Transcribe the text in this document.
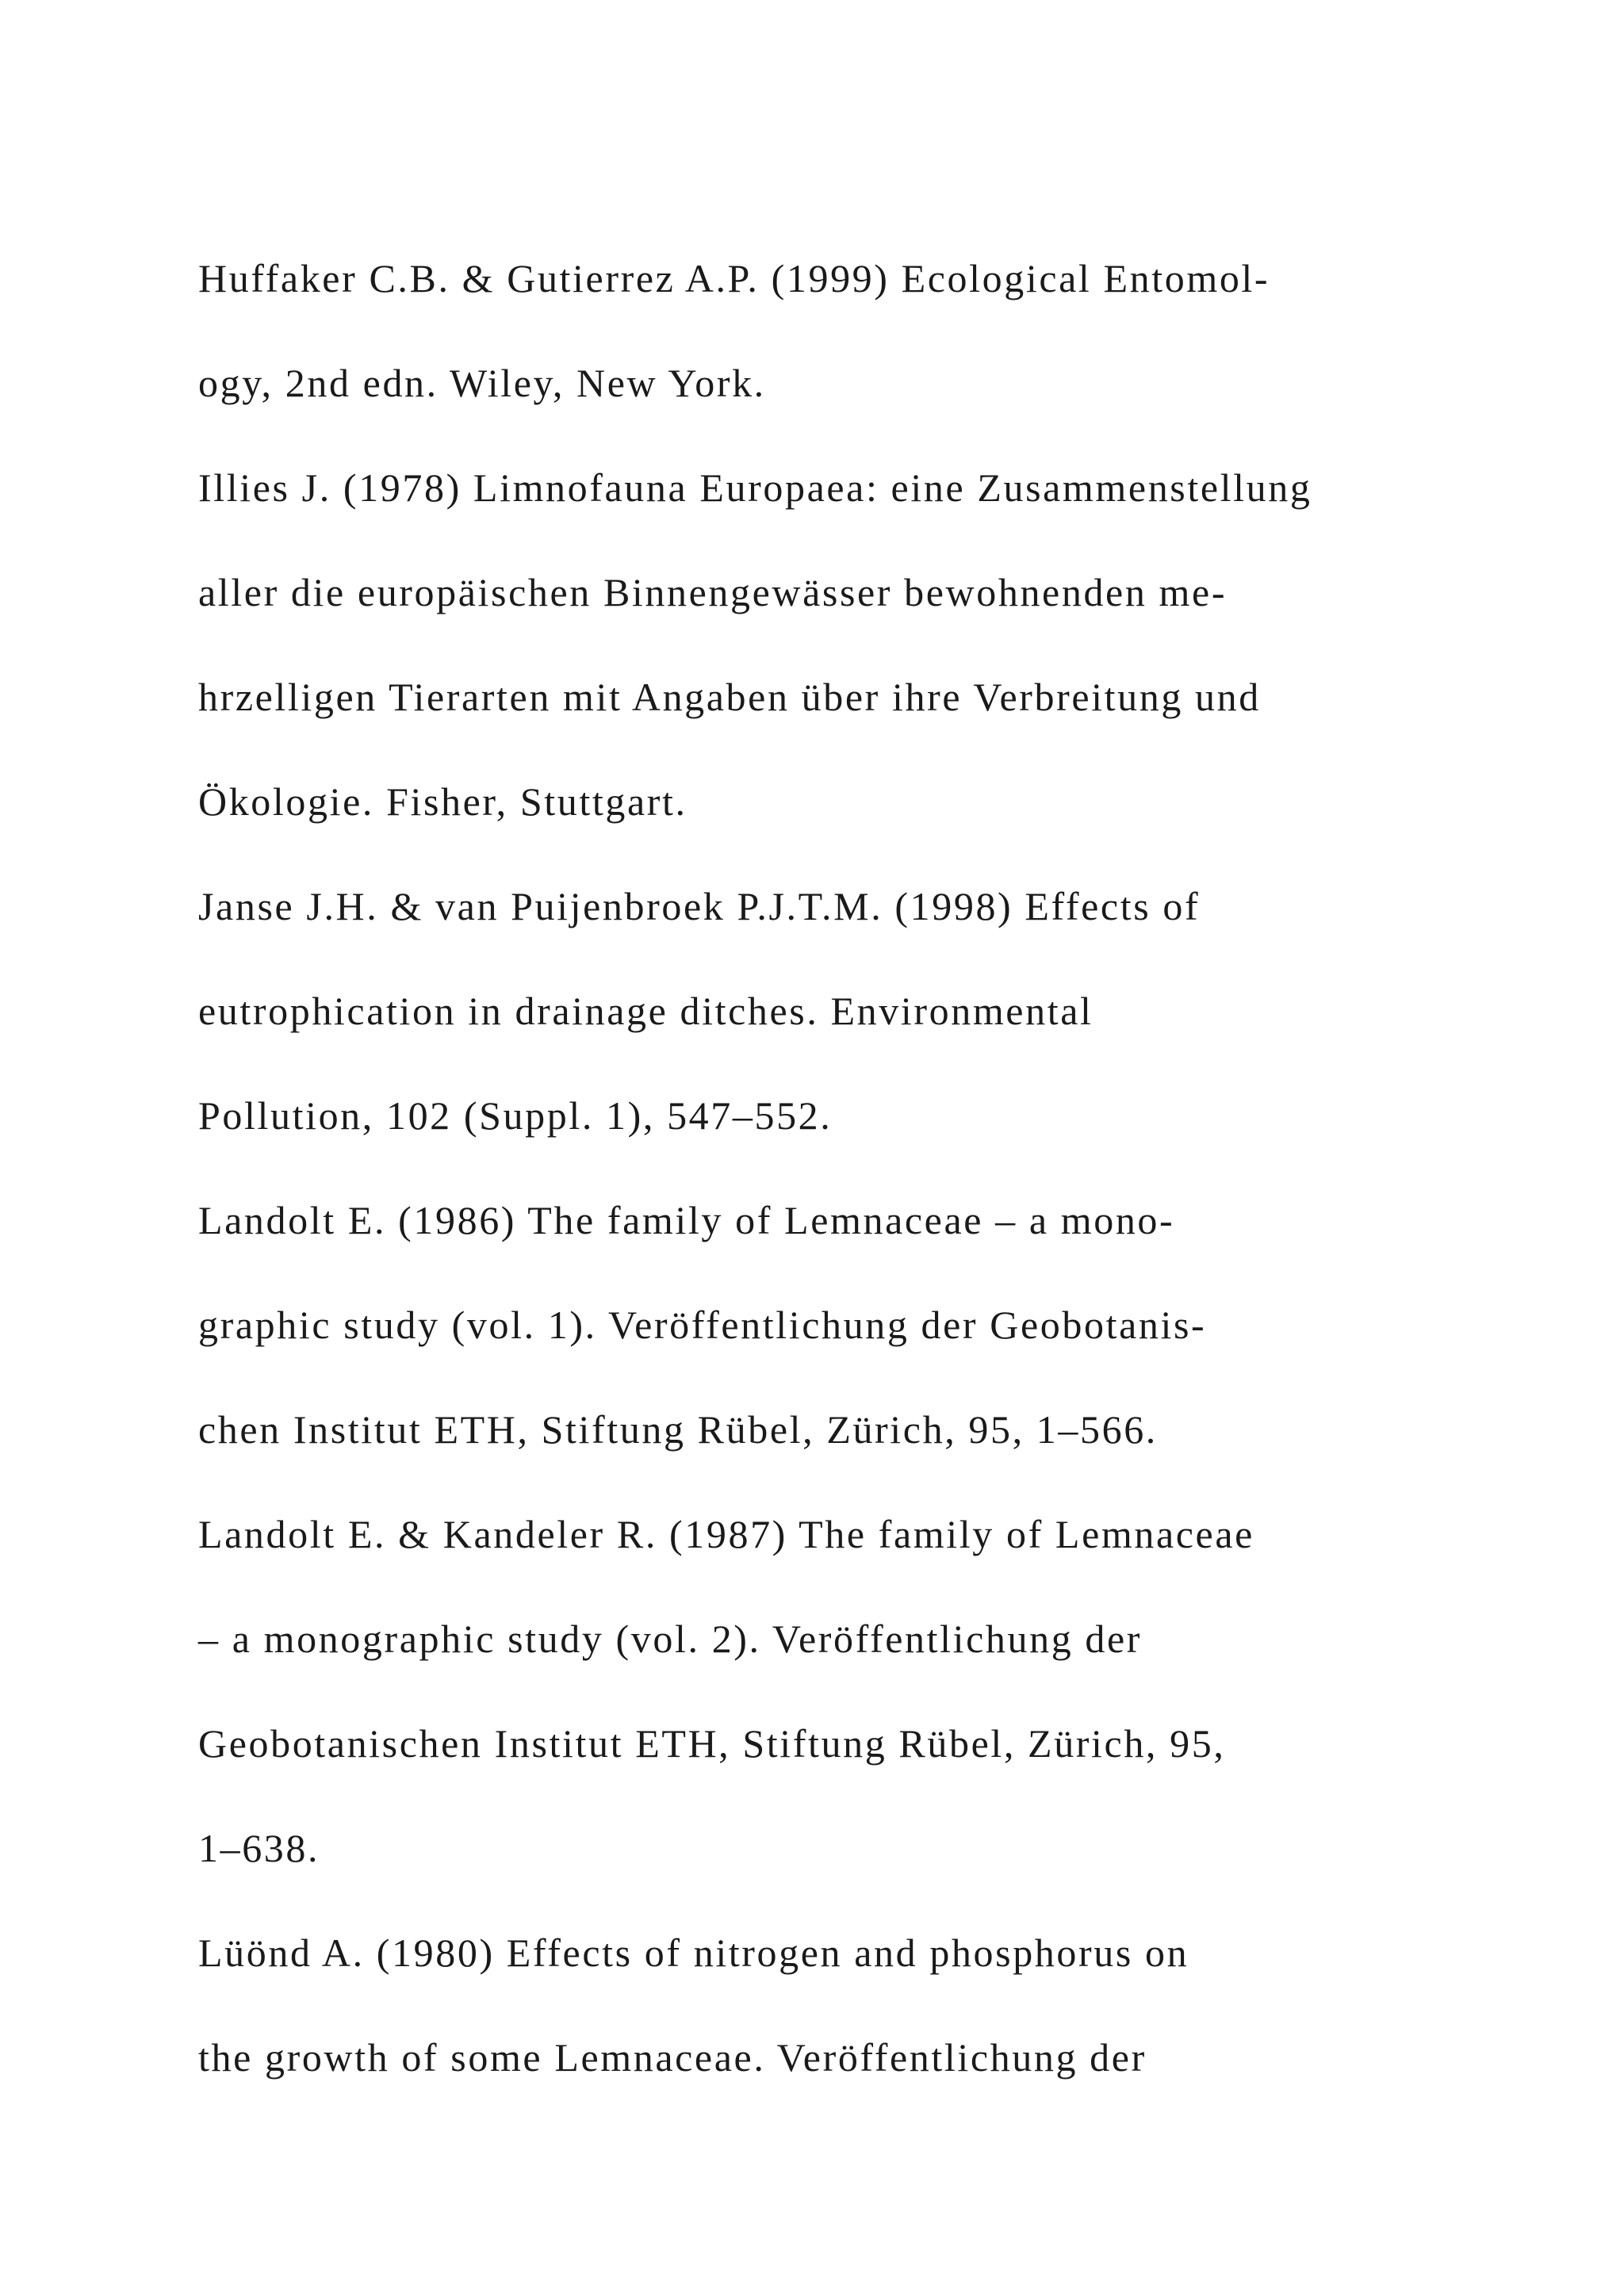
Huffaker C.B. & Gutierrez A.P. (1999) Ecological Entomol-
ogy, 2nd edn. Wiley, New York.
Illies J. (1978) Limnofauna Europaea: eine Zusammenstellung
aller die europäischen Binnengewässer bewohnenden me-
hrzelligen Tierarten mit Angaben über ihre Verbreitung und
Ökologie. Fisher, Stuttgart.
Janse J.H. & van Puijenbroek P.J.T.M. (1998) Effects of
eutrophication in drainage ditches. Environmental
Pollution, 102 (Suppl. 1), 547–552.
Landolt E. (1986) The family of Lemnaceae – a mono-
graphic study (vol. 1). Veröffentlichung der Geobotanis-
chen Institut ETH, Stiftung Rübel, Zürich, 95, 1–566.
Landolt E. & Kandeler R. (1987) The family of Lemnaceae
– a monographic study (vol. 2). Veröffentlichung der
Geobotanischen Institut ETH, Stiftung Rübel, Zürich, 95,
1–638.
Lüönd A. (1980) Effects of nitrogen and phosphorus on
the growth of some Lemnaceae. Veröffentlichung der
